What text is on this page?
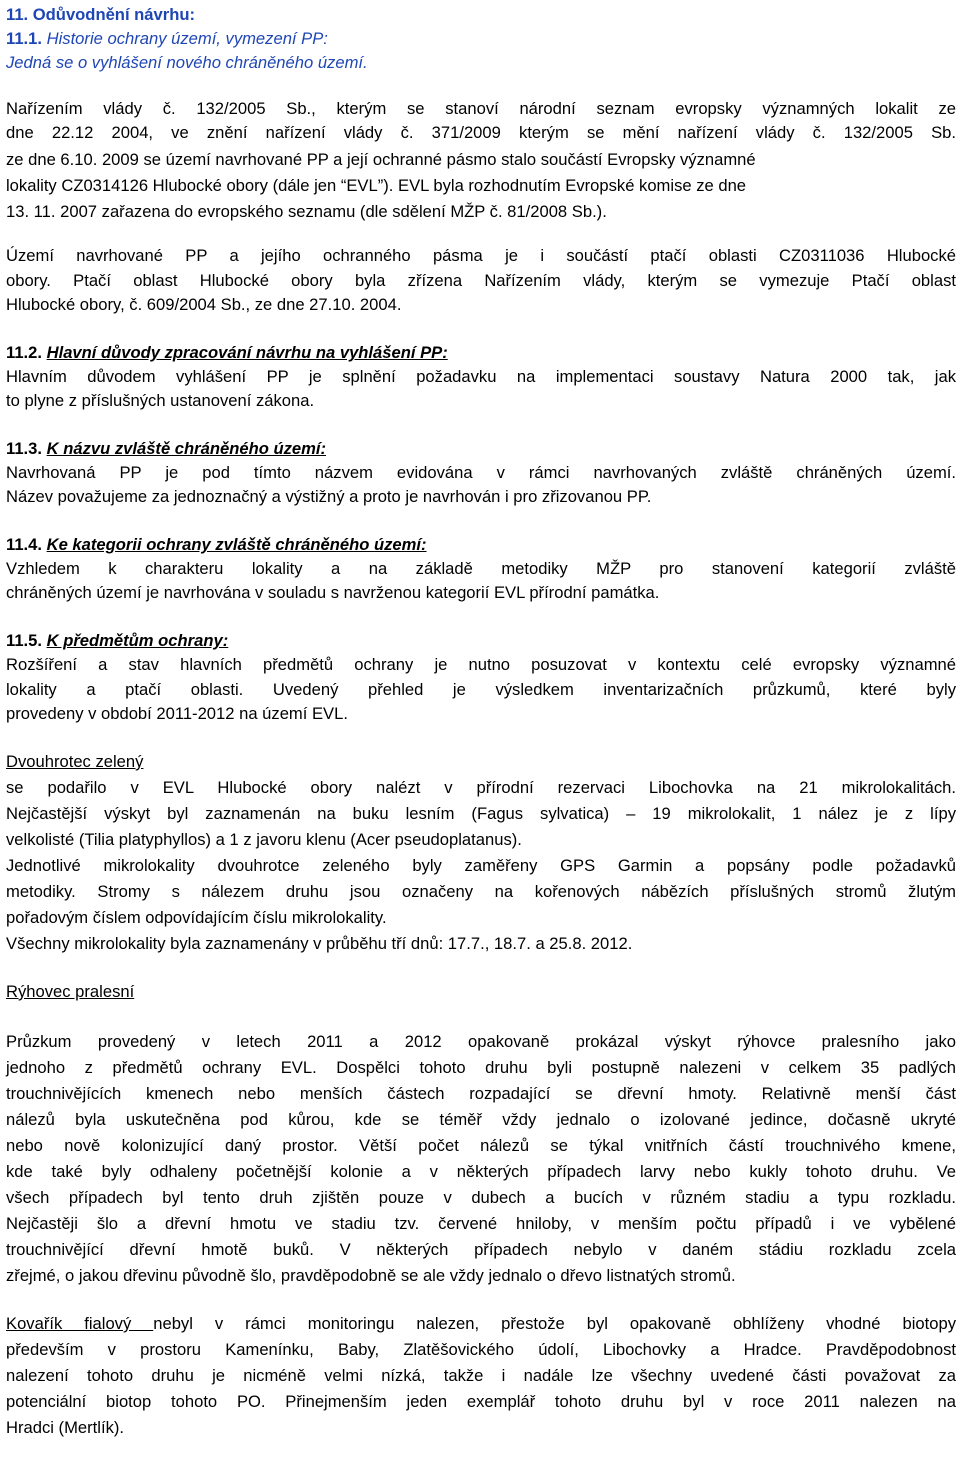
11. Odůvodnění návrhu:
11.1. Historie ochrany území, vymezení PP:
Jedná se o vyhlášení nového chráněného území.
Nařízením vlády č. 132/2005 Sb., kterým se stanoví národní seznam evropsky významných lokalit ze
dne 22.12 2004, ve znění nařízení vlády č. 371/2009 kterým se mění nařízení vlády č. 132/2005 Sb.
ze dne 6.10. 2009 se území navrhované PP a její ochranné pásmo stalo součástí Evropsky významné
lokality CZ0314126 Hlubocké obory (dále jen “EVL”). EVL byla rozhodnutím Evropské komise ze dne
13. 11. 2007 zařazena do evropského seznamu (dle sdělení MŽP č. 81/2008 Sb.).
Území navrhované PP a jejího ochranného pásma je i součástí ptačí oblasti CZ0311036 Hlubocké
obory. Ptačí oblast Hlubocké obory byla zřízena Nařízením vlády, kterým se vymezuje Ptačí oblast
Hlubocké obory, č. 609/2004 Sb., ze dne 27.10. 2004.
11.2. Hlavní důvody zpracování návrhu na vyhlášení PP:
Hlavním důvodem vyhlášení PP je splnění požadavku na implementaci soustavy Natura 2000 tak, jak
to plyne z příslušných ustanovení zákona.
11.3. K názvu zvláště chráněného území:
Navrhovaná PP je pod tímto názvem evidována v rámci navrhovaných zvláště chráněných území.
Název považujeme za jednoznačný a výstižný a proto je navrhován i pro zřizovanou PP.
11.4. Ke kategorii ochrany zvláště chráněného území:
Vzhledem k charakteru lokality a na základě metodiky MŽP pro stanovení kategorií zvláště
chráněných území je navrhována v souladu s navrženou kategorií EVL přírodní památka.
11.5. K předmětům ochrany:
Rozšíření a stav hlavních předmětů ochrany je nutno posuzovat v kontextu celé evropsky významné
lokality a ptačí oblasti. Uvedený přehled je výsledkem inventarizačních průzkumů, které byly
provedeny v období 2011-2012 na území EVL.
Dvouhrotec zelený
se podařilo v EVL Hlubocké obory nalézt v přírodní rezervaci Libochovka na 21 mikrolokalitách.
Nejčastější výskyt byl zaznamenán na buku lesním (Fagus sylvatica) – 19 mikrolokalit, 1 nález je z lípy
velkolisté (Tilia platyphyllos) a 1 z javoru klenu (Acer pseudoplatanus).
Jednotlivé mikrolokality dvouhrotce zeleného byly zaměřeny GPS Garmin a popsány podle požadavků
metodiky. Stromy s nálezem druhu jsou označeny na kořenových nábězích příslušných stromů žlutým
pořadovým číslem odpovídajícím číslu mikrolokality.
Všechny mikrolokality byla zaznamenány v průběhu tří dnů: 17.7., 18.7. a 25.8. 2012.
Rýhovec pralesní
Průzkum provedený v letech 2011 a 2012 opakovaně prokázal výskyt rýhovce pralesního jako
jednoho z předmětů ochrany EVL. Dospělci tohoto druhu byli postupně nalezeni v celkem 35 padlých
trouchnivějících kmenech nebo menších částech rozpadající se dřevní hmoty. Relativně menší část
nálezů byla uskutečněna pod kůrou, kde se téměř vždy jednalo o izolované jedince, dočasně ukryté
nebo nově kolonizující daný prostor. Větší počet nálezů se týkal vnitřních částí trouchnivého kmene,
kde také byly odhaleny početnější kolonie a v některých případech larvy nebo kukly tohoto druhu. Ve
všech případech byl tento druh zjištěn pouze v dubech a bucích v různém stadiu a typu rozkladu.
Nejčastěji šlo a dřevní hmotu ve stadiu tzv. červené hniloby, v menším počtu případů i ve vybělené
trouchnivějící dřevní hmotě buků. V některých případech nebylo v daném stádiu rozkladu zcela
zřejmé, o jakou dřevinu původně šlo, pravděpodobně se ale vždy jednalo o dřevo listnatých stromů.
Kovařík fialový nebyl v rámci monitoringu nalezen, přestože byl opakovaně obhlíženy vhodné biotopy
především v prostoru Kamenínku, Baby, Zlatěšovického údolí, Libochovky a Hradce. Pravděpodobnost
nalezení tohoto druhu je nicméně velmi nízká, takže i nadále lze všechny uvedené části považovat za
potenciální biotop tohoto PO. Přinejmenším jeden exemplář tohoto druhu byl v roce 2011 nalezen na
Hradci (Mertlík).
